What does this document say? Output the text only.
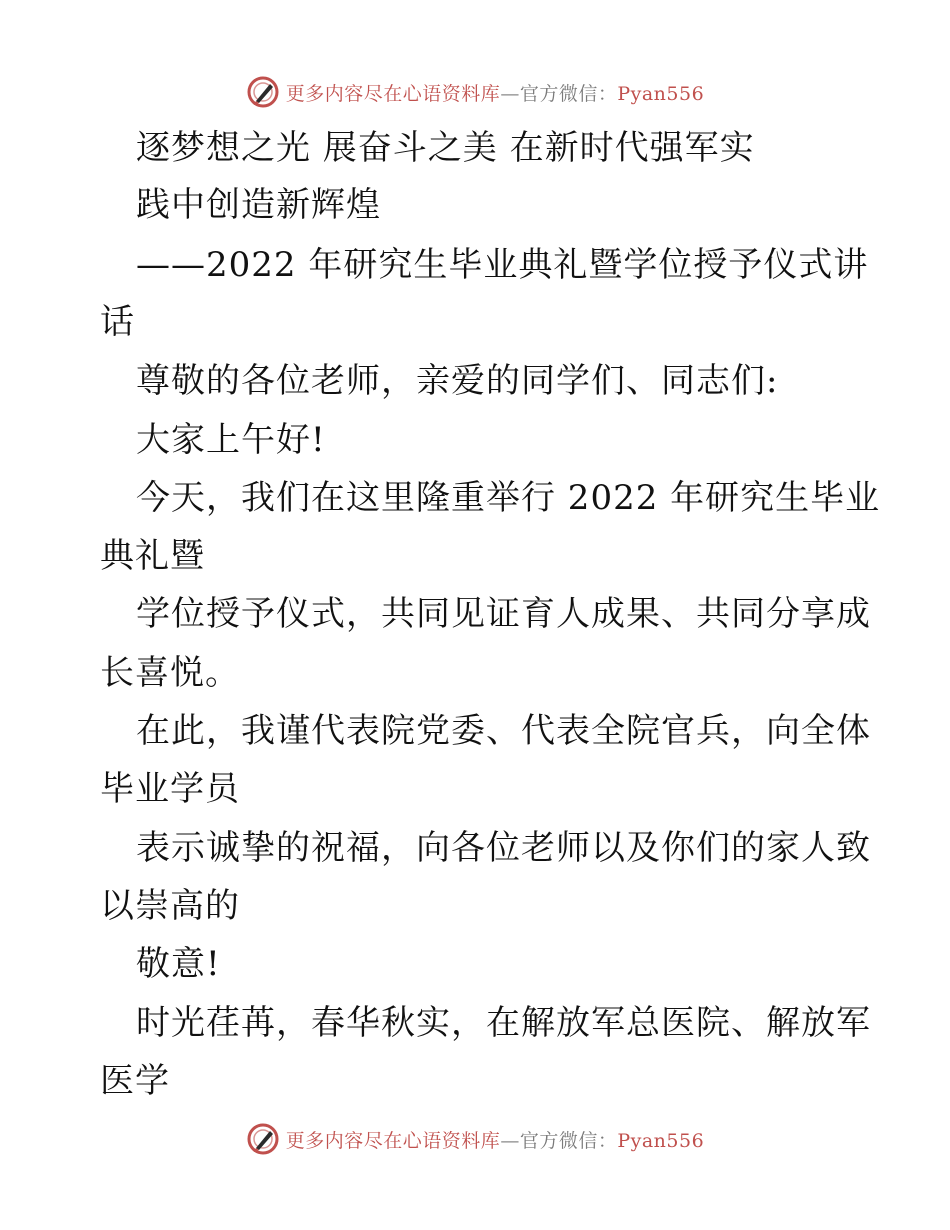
更多内容尽在心语资料库—官方微信：Pyan556
逐梦想之光 展奋斗之美 在新时代强军实
践中创造新辉煌
——2022 年研究生毕业典礼暨学位授予仪式讲
话
尊敬的各位老师，亲爱的同学们、同志们:
大家上午好!
今天，我们在这里隆重举行 2022 年研究生毕业
典礼暨
学位授予仪式，共同见证育人成果、共同分享成
长喜悦。
在此，我谨代表院党委、代表全院官兵，向全体
毕业学员
表示诚挚的祝福，向各位老师以及你们的家人致
以崇高的
敬意!
时光荏苒，春华秋实，在解放军总医院、解放军
医学
更多内容尽在心语资料库—官方微信：Pyan556
